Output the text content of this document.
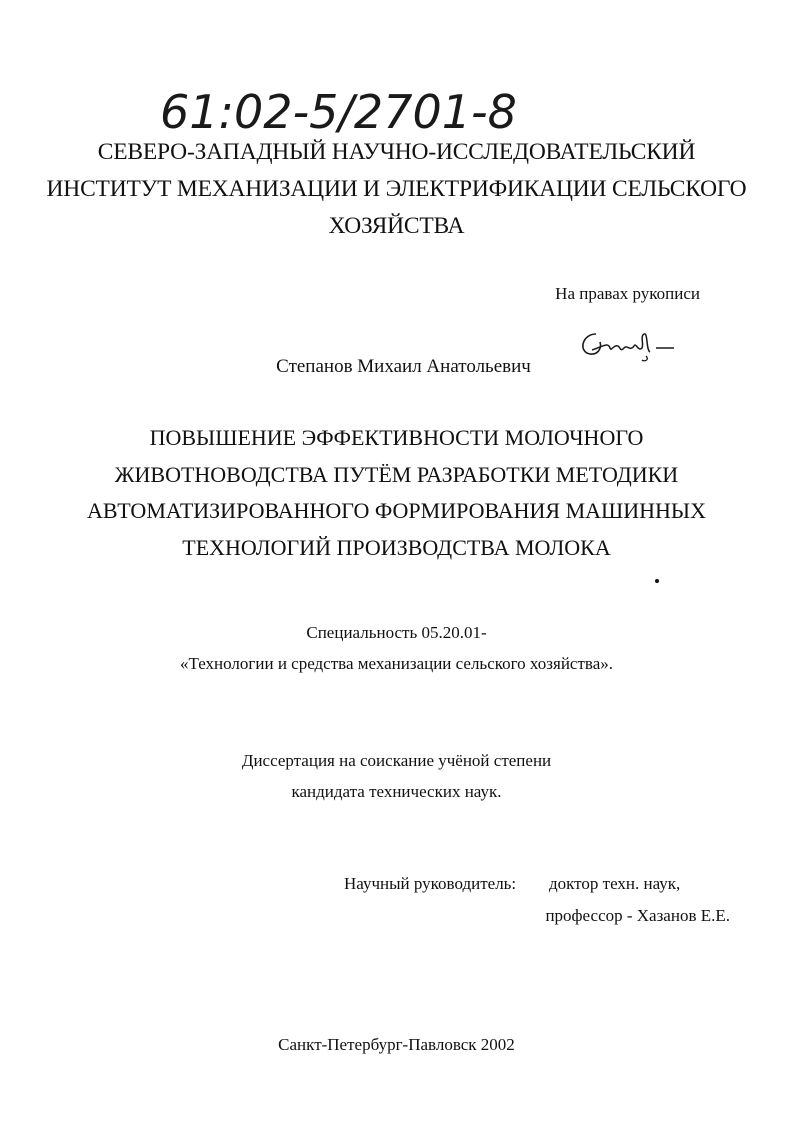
61:02-5/2701-8
СЕВЕРО-ЗАПАДНЫЙ НАУЧНО-ИССЛЕДОВАТЕЛЬСКИЙ
ИНСТИТУТ МЕХАНИЗАЦИИ И ЭЛЕКТРИФИКАЦИИ СЕЛЬСКОГО
ХОЗЯЙСТВА
На правах рукописи
Степанов Михаил Анатольевич
ПОВЫШЕНИЕ ЭФФЕКТИВНОСТИ МОЛОЧНОГО
ЖИВОТНОВОДСТВА ПУТЁМ РАЗРАБОТКИ МЕТОДИКИ
АВТОМАТИЗИРОВАННОГО ФОРМИРОВАНИЯ МАШИННЫХ
ТЕХНОЛОГИЙ ПРОИЗВОДСТВА МОЛОКА
Специальность 05.20.01-
«Технологии и средства механизации сельского хозяйства».
Диссертация на соискание учёной степени
кандидата технических наук.
Научный руководитель: доктор техн. наук,
профессор - Хазанов Е.Е.
Санкт-Петербург-Павловск 2002
